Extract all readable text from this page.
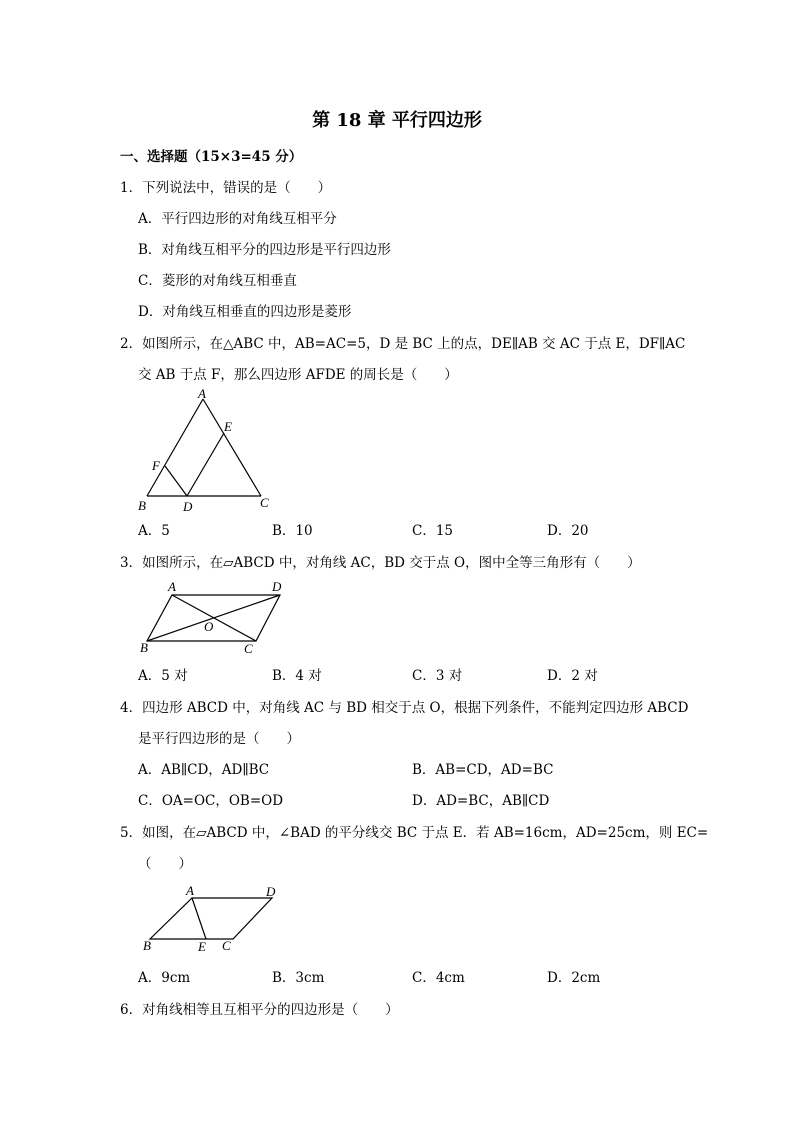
第 18 章 平行四边形
一、选择题（15×3=45 分）
1．下列说法中，错误的是（　　）
A．平行四边形的对角线互相平分
B．对角线互相平分的四边形是平行四边形
C．菱形的对角线互相垂直
D．对角线互相垂直的四边形是菱形
2．如图所示，在△ABC 中，AB=AC=5，D 是 BC 上的点，DE∥AB 交 AC 于点 E，DF∥AC
交 AB 于点 F，那么四边形 AFDE 的周长是（　　）
A
E
F
B	D	C
A．5	B．10	C．15	D．20
3．如图所示，在▱ABCD 中，对角线 AC，BD 交于点 O，图中全等三角形有（　　）
A	D
B	C
O
A．5 对	B．4 对	C．3 对	D．2 对
4．四边形 ABCD 中，对角线 AC 与 BD 相交于点 O，根据下列条件，不能判定四边形 ABCD
是平行四边形的是（　　）
A．AB∥CD，AD∥BC	B．AB=CD，AD=BC
C．OA=OC，OB=OD	D．AD=BC，AB∥CD
5．如图，在▱ABCD 中，∠BAD 的平分线交 BC 于点 E．若 AB=16cm，AD=25cm，则 EC=
（　　）
A	D
B	E C
A．9cm	B．3cm	C．4cm	D．2cm
6．对角线相等且互相平分的四边形是（　　）
